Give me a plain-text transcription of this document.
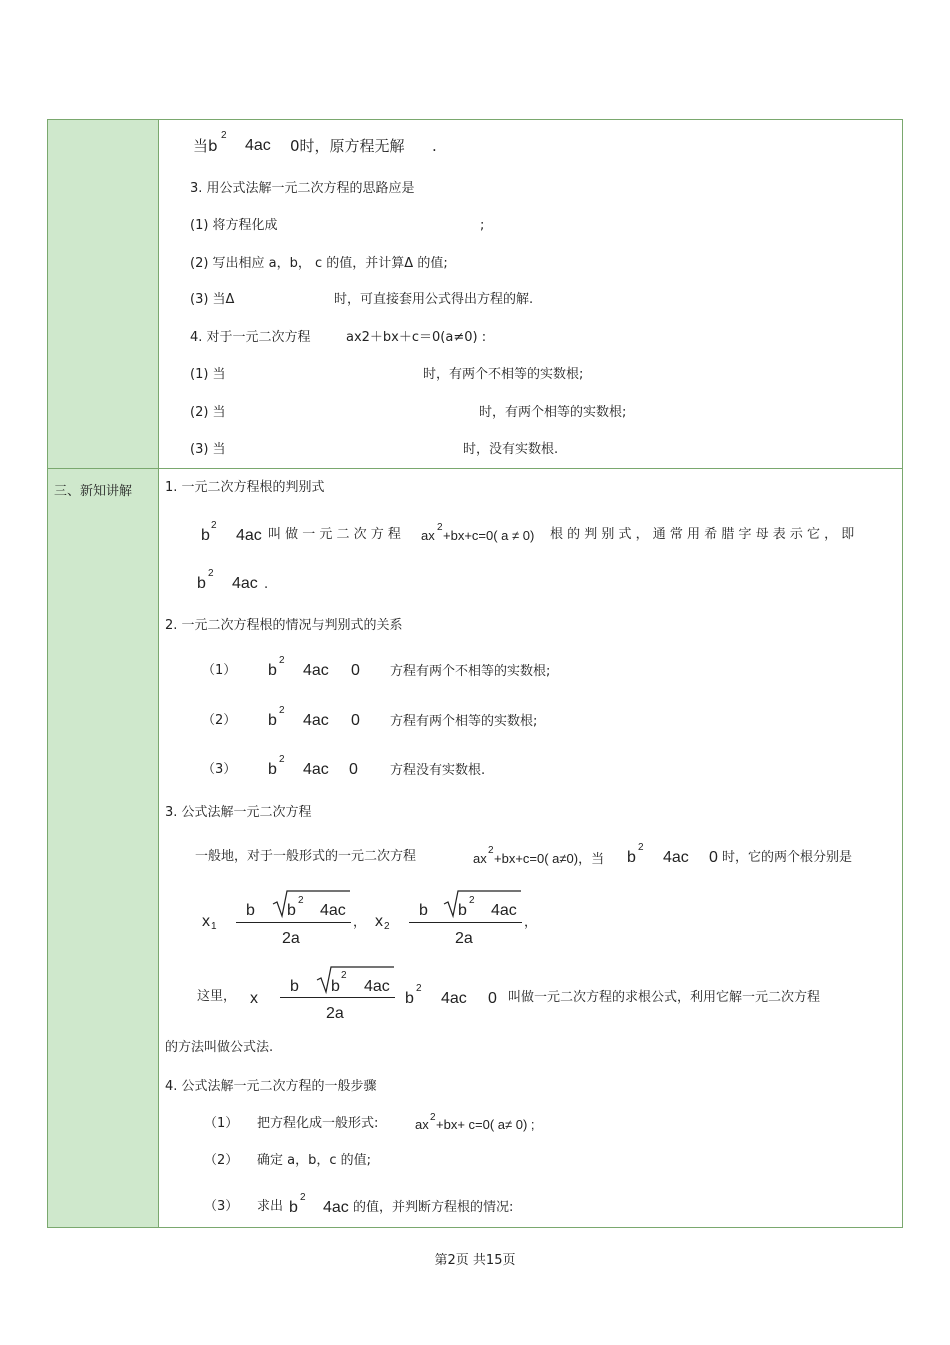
三、新知讲解
当b
2
4ac 0时，原方程无解 .
3. 用公式法解一元二次方程的思路应是
(1) 将方程化成	;
(2) 写出相应 a，b， c 的值，并计算Δ 的值;
(3) 当Δ	时，可直接套用公式得出方程的解.
4. 对于一元二次方程	ax2＋bx＋c＝0(a≠0) :
(1) 当	时，有两个不相等的实数根;
(2) 当	时，有两个相等的实数根;
(3) 当	时，没有实数根.
1. 一元二次方程根的判别式
b
2
4ac 叫 做 一 元 二 次 方 程 ax
2
+bx+c=0( a ≠ 0) 根 的 判 别 式 ， 通 常 用 希 腊 字 母 表 示 它 ， 即
b
2
4ac .
2. 一元二次方程根的情况与判别式的关系
（1） b
2
4ac 0 方程有两个不相等的实数根;
（2） b
2
4ac 0 方程有两个相等的实数根;
（3） b
2
4ac 0 方程没有实数根.
3. 公式法解一元二次方程
一般地，对于一般形式的一元二次方程	ax
2
+bx+c=0( a≠0)，当 b
2
4ac 0 时，它的两个根分别是
x 1
b b
2
4ac
2a
， x 2
b b
2
4ac
2a
，
这里， x
b b
2
4ac
2a
b
2
4ac 0 叫做一元二次方程的求根公式，利用它解一元二次方程
的方法叫做公式法.
4. 公式法解一元二次方程的一般步骤
（1） 把方程化成一般形式:	ax 2 +bx+ c=0( a≠ 0) ;
（2） 确定 a，b，c 的值;
（3） 求出 b
2
4ac 的值，并判断方程根的情况:
第2页 共15页
